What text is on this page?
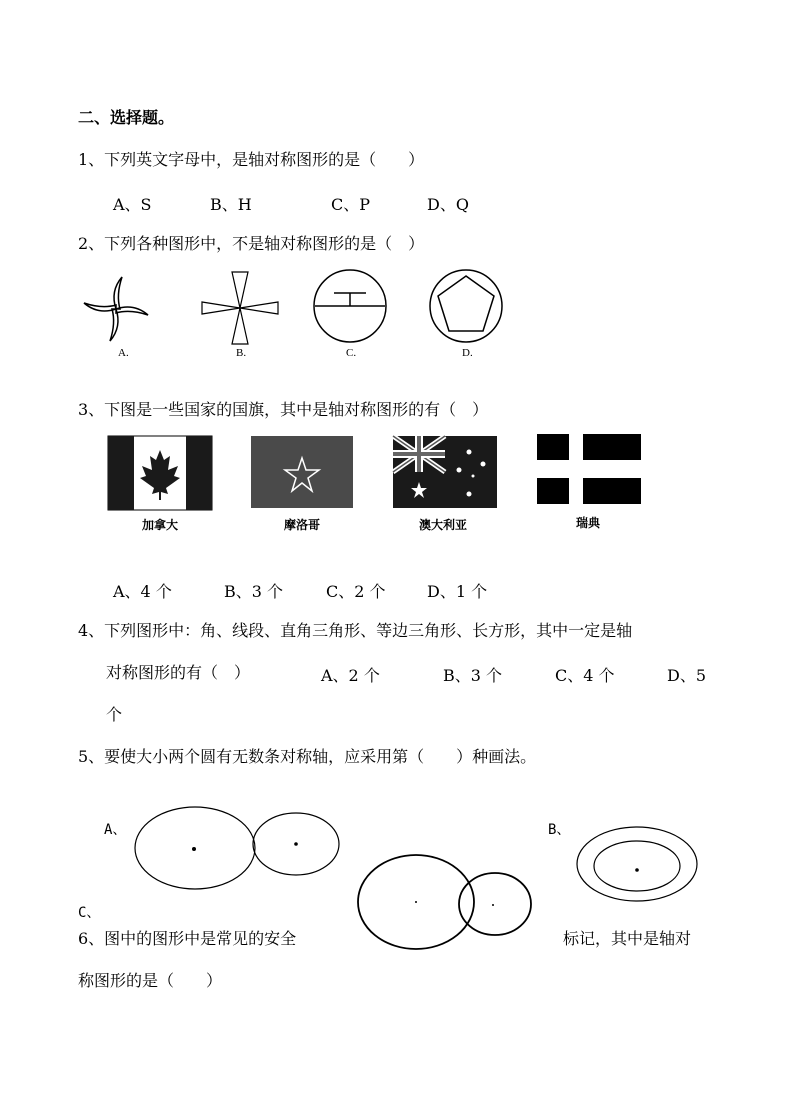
二、选择题。
1、下列英文字母中，是轴对称图形的是（　　）
A、S	B、H	C、P	D、Q
2、下列各种图形中，不是轴对称图形的是（　）
A.	B.	C.	D.
3、下图是一些国家的国旗，其中是轴对称图形的有（　）
加拿大	摩洛哥	澳大利亚	瑞典
A、4 个	B、3 个	C、2 个	D、1 个
4、下列图形中：角、线段、直角三角形、等边三角形、长方形，其中一定是轴
对称图形的有（　）	A、2 个	B、3 个	C、4 个	D、5
个
5、要使大小两个圆有无数条对称轴，应采用第（　　）种画法。
A、	B、
C、
6、图中的图形中是常见的安全	标记，其中是轴对
称图形的是（　　）
